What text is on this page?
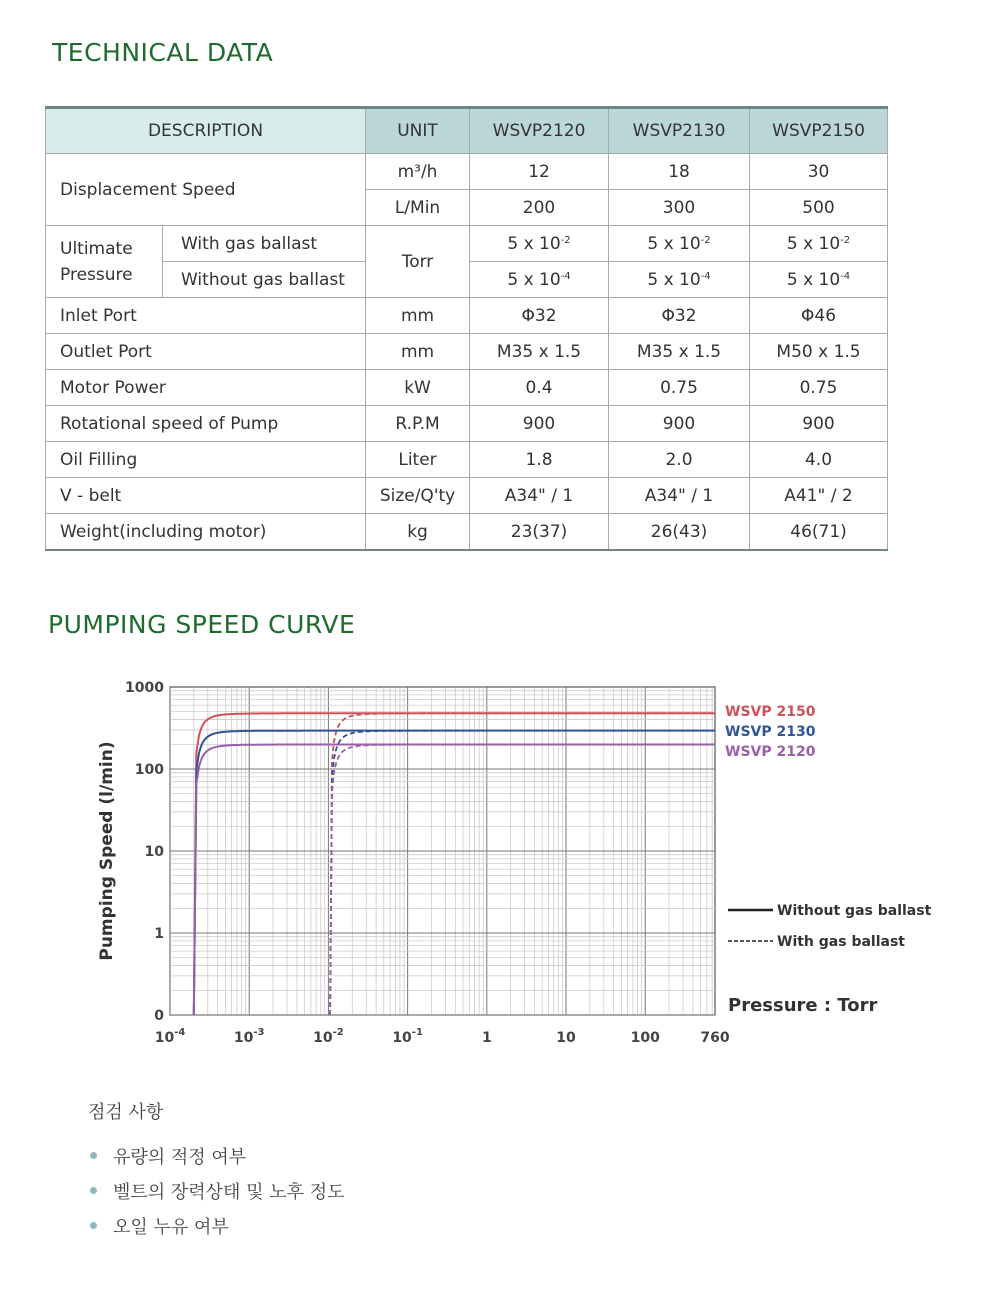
TECHNICAL DATA
DESCRIPTION		UNIT	WSVP2120	WSVP2130	WSVP2150
Displacement Speed		m³/h	12	18	30
		L/Min	200	300	500

Ultimate
Pressure	With gas ballast	Torr	5 x $10^{-2}$	5 x $10^{-2}$	5 x $10^{-2}$
	Without gas ballast		5 x $10^{-4}$	5 x $10^{-4}$	5 x $10^{-4}$
Inlet Port		mm	Φ32	Φ32	Φ46
Outlet Port		mm	M35 x 1.5	M35 x 1.5	M50 x 1.5
Motor Power		kW	0.4	0.75	0.75
Rotational speed of Pump		R.P.M	900	900	900
Oil Filling		Liter	1.8	2.0	4.0
V - belt		Size/Q'ty	A34" / 1	A34" / 1	A41" / 2
Weight(including motor)		kg	23(37)	26(43)	46(71)
PUMPING SPEED CURVE
1000
100
10
1
0
$10^{-4}$	$10^{-3}$	$10^{-2}$	$10^{-1}$	1	10	100	760
Pumping Speed (l/min)
WSVP 2150
WSVP 2130
WSVP 2120
Without gas ballast
With gas ballast
Pressure : Torr
점검 사항
유량의 적정 여부
벨트의 장력상태 및 노후 정도
오일 누유 여부
